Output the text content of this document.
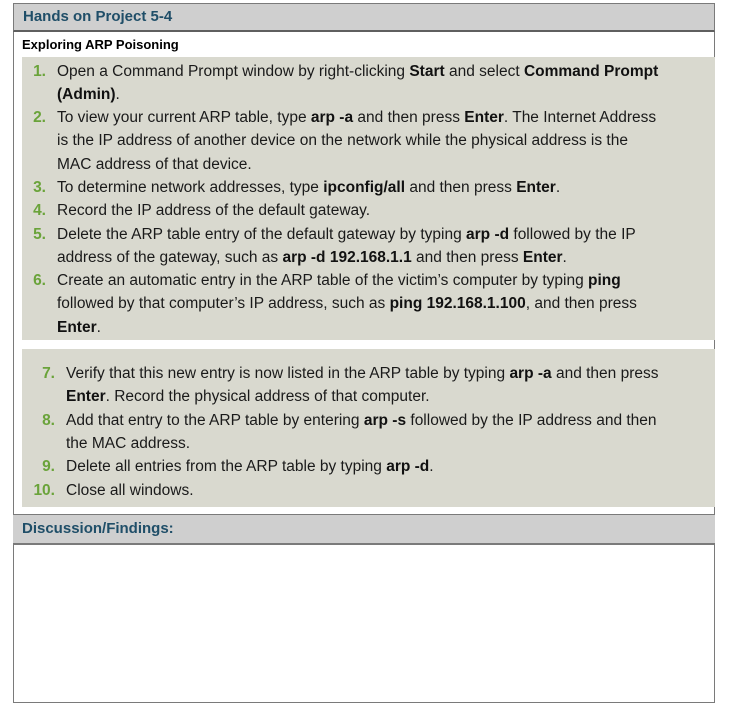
Hands on Project 5-4
Exploring ARP Poisoning
1. Open a Command Prompt window by right-clicking Start and select Command Prompt
(Admin).
2. To view your current ARP table, type arp -a and then press Enter. The Internet Address
is the IP address of another device on the network while the physical address is the
MAC address of that device.
3. To determine network addresses, type ipconfig/all and then press Enter.
4. Record the IP address of the default gateway.
5. Delete the ARP table entry of the default gateway by typing arp -d followed by the IP
address of the gateway, such as arp -d 192.168.1.1 and then press Enter.
6. Create an automatic entry in the ARP table of the victim’s computer by typing ping
followed by that computer’s IP address, such as ping 192.168.1.100, and then press
Enter.
7. Verify that this new entry is now listed in the ARP table by typing arp -a and then press
Enter. Record the physical address of that computer.
8. Add that entry to the ARP table by entering arp -s followed by the IP address and then
the MAC address.
9. Delete all entries from the ARP table by typing arp -d.
10. Close all windows.
Discussion/Findings:
